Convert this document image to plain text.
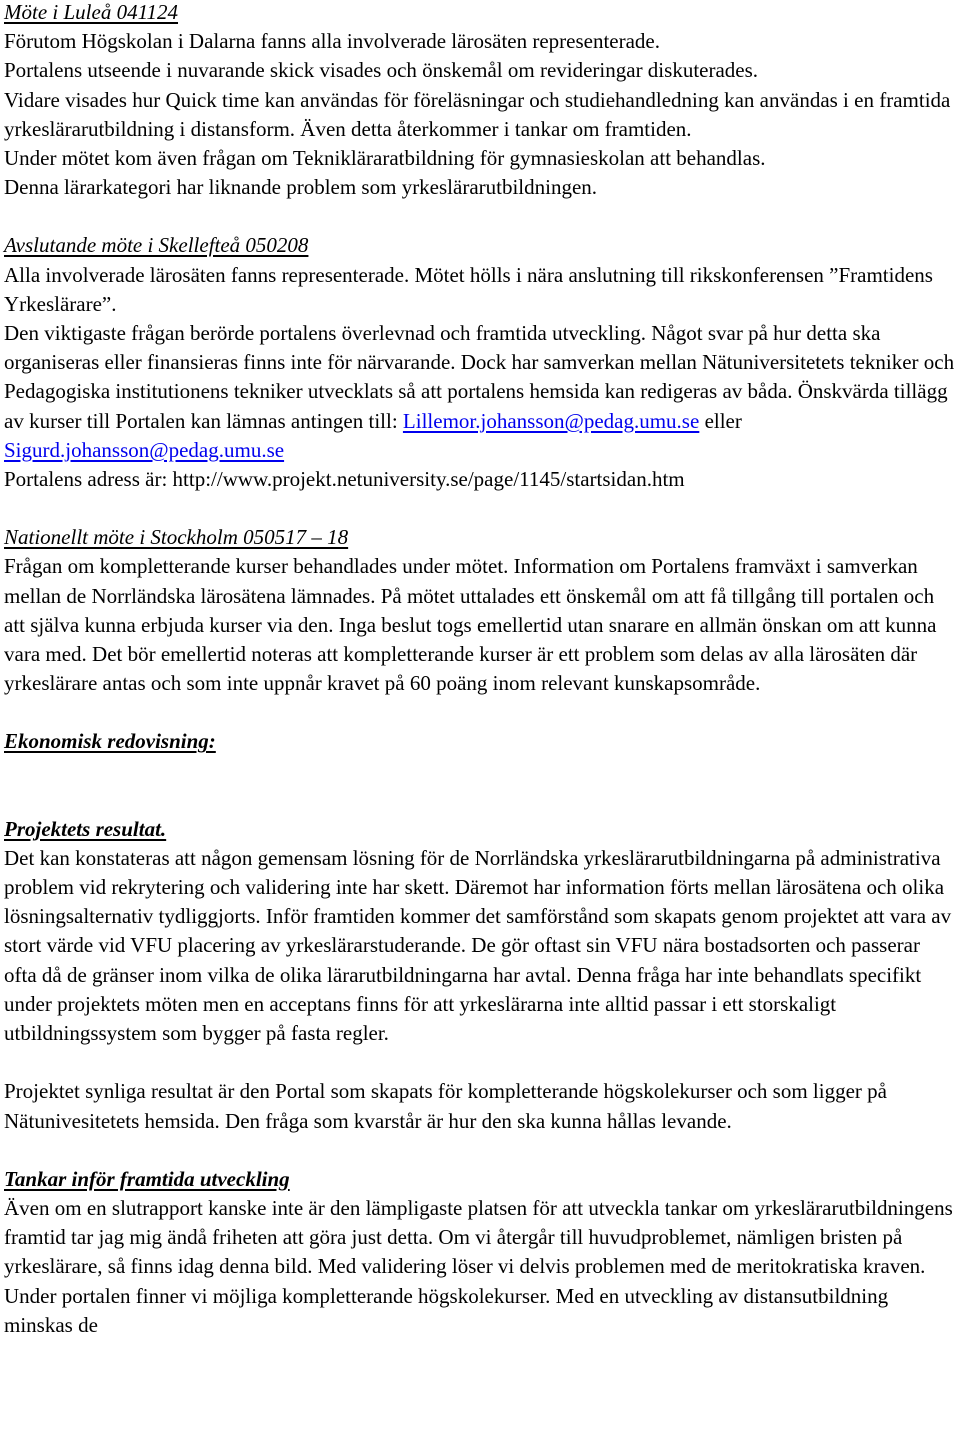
Möte i Luleå 041124

Förutom Högskolan i Dalarna fanns alla involverade lärosäten representerade.

Portalens utseende i nuvarande skick visades och önskemål om revideringar diskuterades.

Vidare visades hur Quick time kan användas för föreläsningar och studiehandledning kan användas i en framtida yrkeslärarutbildning i distansform. Även detta återkommer i tankar om framtiden.

Under mötet kom även frågan om Teknikläraratbildning för gymnasieskolan att behandlas.

Denna lärarkategori har liknande problem som yrkeslärarutbildningen.

Avslutande möte i Skellefteå 050208

Alla involverade lärosäten fanns representerade. Mötet hölls i nära anslutning till rikskonferensen ”Framtidens Yrkeslärare”.

Den viktigaste frågan berörde portalens överlevnad och framtida utveckling. Något svar på hur detta ska organiseras eller finansieras finns inte för närvarande. Dock har samverkan mellan Nätuniversitetets tekniker och Pedagogiska institutionens tekniker utvecklats så att portalens hemsida kan redigeras av båda. Önskvärda tillägg av kurser till Portalen kan lämnas antingen till: Lillemor.johansson@pedag.umu.se eller Sigurd.johansson@pedag.umu.se

Portalens adress är: http://www.projekt.netuniversity.se/page/1145/startsidan.htm

Nationellt möte i Stockholm 050517 – 18

Frågan om kompletterande kurser behandlades under mötet. Information om Portalens framväxt i samverkan mellan de Norrländska lärosätena lämnades. På mötet uttalades ett önskemål om att få tillgång till portalen och att själva kunna erbjuda kurser via den. Inga beslut togs emellertid utan snarare en allmän önskan om att kunna vara med. Det bör emellertid noteras att kompletterande kurser är ett problem som delas av alla lärosäten där yrkeslärare antas och som inte uppnår kravet på 60 poäng inom relevant kunskapsområde.

Ekonomisk redovisning:
Projektets resultat.

Det kan konstateras att någon gemensam lösning för de Norrländska yrkeslärarutbildningarna på administrativa problem vid rekrytering och validering inte har skett. Däremot har information förts mellan lärosätena och olika lösningsalternativ tydliggjorts. Inför framtiden kommer det samförstånd som skapats genom projektet att vara av stort värde vid VFU placering av yrkeslärarstuderande. De gör oftast sin VFU nära bostadsorten och passerar ofta då de gränser inom vilka de olika lärarutbildningarna har avtal. Denna fråga har inte behandlats specifikt under projektets möten men en acceptans finns för att yrkeslärarna inte alltid passar i ett storskaligt utbildningssystem som bygger på fasta regler.

Projektet synliga resultat är den Portal som skapats för kompletterande högskolekurser och som ligger på Nätunivesitetets hemsida. Den fråga som kvarstår är hur den ska kunna hållas levande.

Tankar inför framtida utveckling

Även om en slutrapport kanske inte är den lämpligaste platsen för att utveckla tankar om yrkeslärarutbildningens framtid tar jag mig ändå friheten att göra just detta. Om vi återgår till huvudproblemet, nämligen bristen på yrkeslärare, så finns idag denna bild. Med validering löser vi delvis problemen med de meritokratiska kraven. Under portalen finner vi möjliga kompletterande högskolekurser. Med en utveckling av distansutbildning minskas de
